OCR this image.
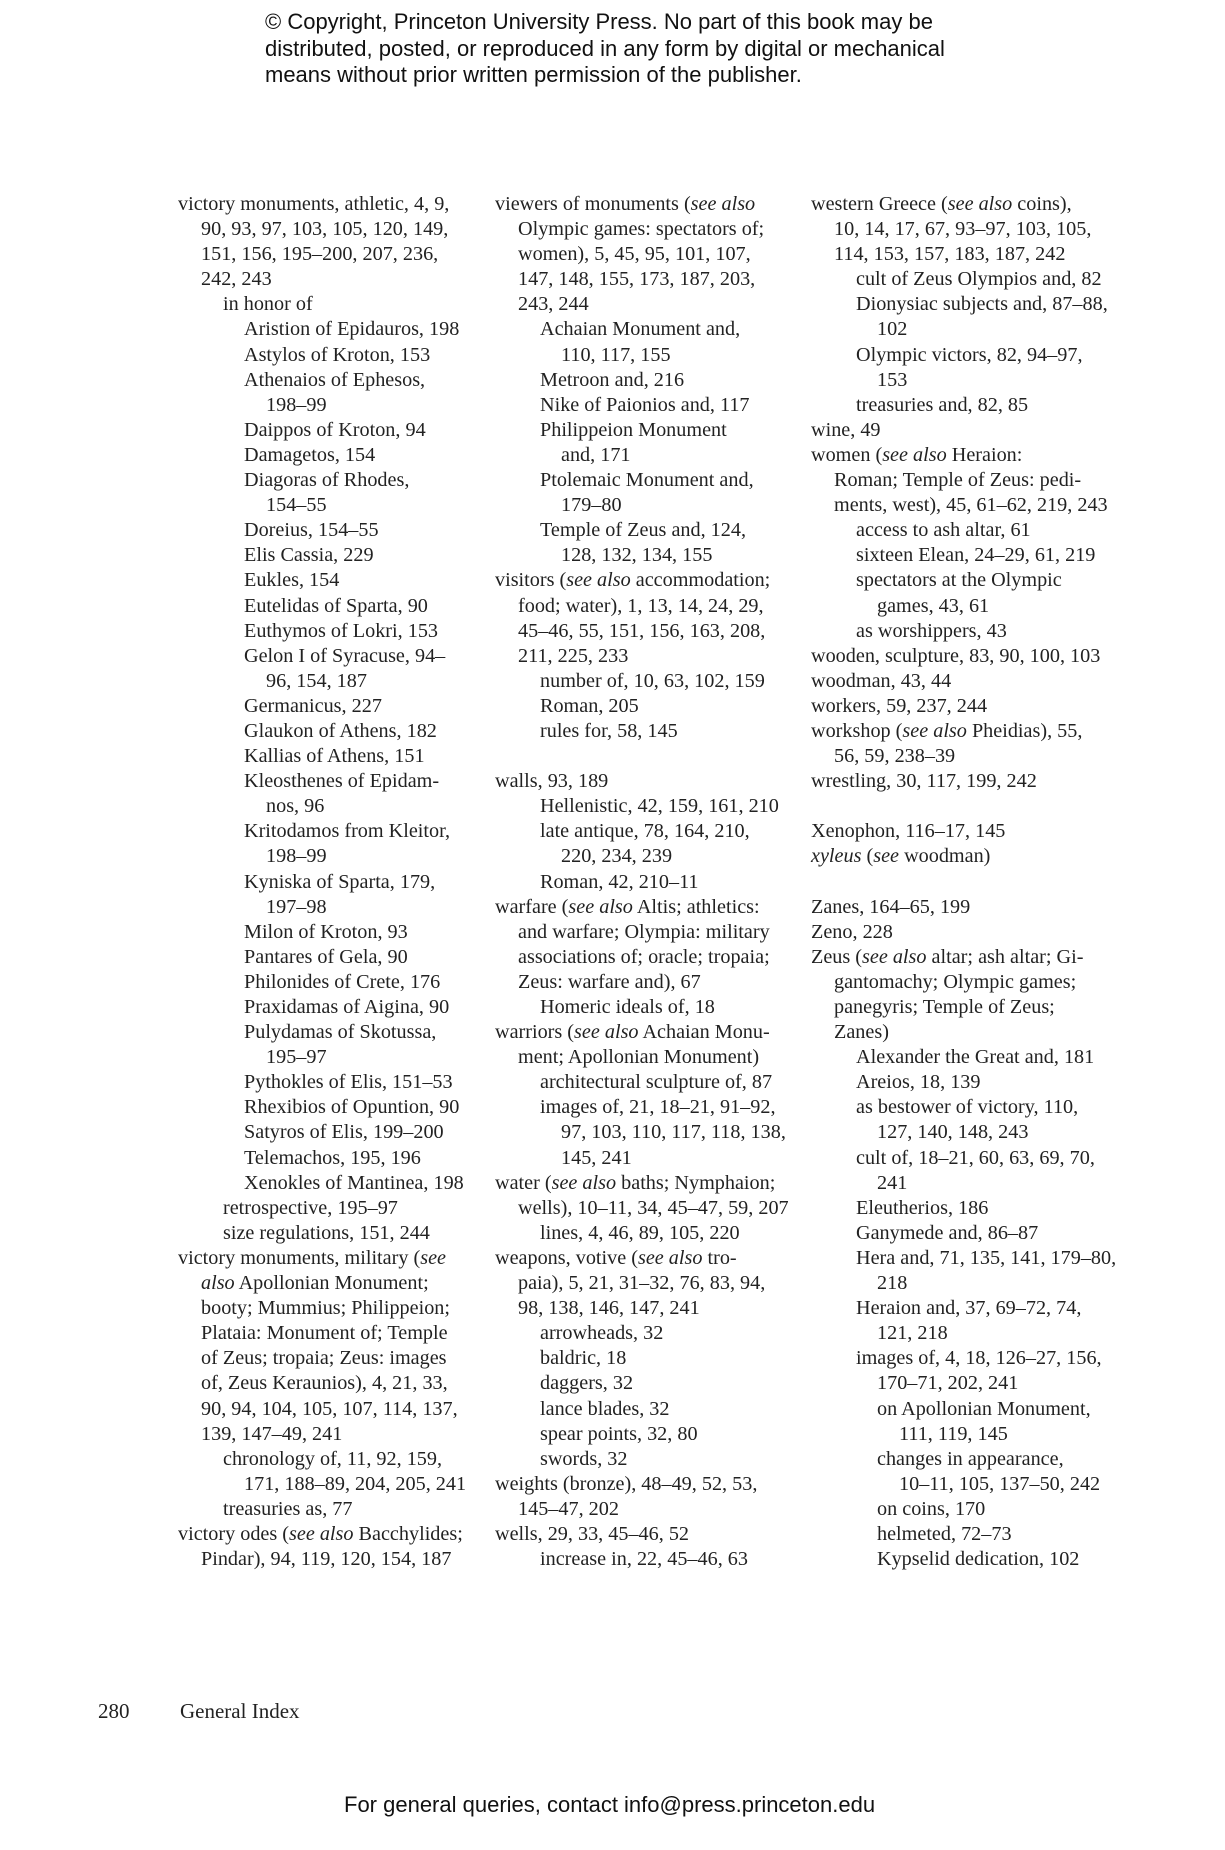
© Copyright, Princeton University Press. No part of this book may be
distributed, posted, or reproduced in any form by digital or mechanical
means without prior written permission of the publisher.
victory monuments, athletic, 4, 9,
90, 93, 97, 103, 105, 120, 149,
151, 156, 195–200, 207, 236,
242, 243
in honor of
Aristion of Epidauros, 198
Astylos of Kroton, 153
Athenaios of Ephesos,
198–99
Daippos of Kroton, 94
Damagetos, 154
Diagoras of Rhodes,
154–55
Doreius, 154–55
Elis Cassia, 229
Eukles, 154
Eutelidas of Sparta, 90
Euthymos of Lokri, 153
Gelon I of Syracuse, 94–
96, 154, 187
Germanicus, 227
Glaukon of Athens, 182
Kallias of Athens, 151
Kleosthenes of Epidam-
nos, 96
Kritodamos from Kleitor,
198–99
Kyniska of Sparta, 179,
197–98
Milon of Kroton, 93
Pantares of Gela, 90
Philonides of Crete, 176
Praxidamas of Aigina, 90
Pulydamas of Skotussa,
195–97
Pythokles of Elis, 151–53
Rhexibios of Opuntion, 90
Satyros of Elis, 199–200
Telemachos, 195, 196
Xenokles of Mantinea, 198
retrospective, 195–97
size regulations, 151, 244
victory monuments, military (see
also Apollonian Monument;
booty; Mummius; Philippeion;
Plataia: Monument of; Temple
of Zeus; tropaia; Zeus: images
of, Zeus Keraunios), 4, 21, 33,
90, 94, 104, 105, 107, 114, 137,
139, 147–49, 241
chronology of, 11, 92, 159,
171, 188–89, 204, 205, 241
treasuries as, 77
victory odes (see also Bacchylides;
Pindar), 94, 119, 120, 154, 187
viewers of monuments (see also
Olympic games: spectators of;
women), 5, 45, 95, 101, 107,
147, 148, 155, 173, 187, 203,
243, 244
Achaian Monument and,
110, 117, 155
Metroon and, 216
Nike of Paionios and, 117
Philippeion Monument
and, 171
Ptolemaic Monument and,
179–80
Temple of Zeus and, 124,
128, 132, 134, 155
visitors (see also accommodation;
food; water), 1, 13, 14, 24, 29,
45–46, 55, 151, 156, 163, 208,
211, 225, 233
number of, 10, 63, 102, 159
Roman, 205
rules for, 58, 145
walls, 93, 189
Hellenistic, 42, 159, 161, 210
late antique, 78, 164, 210,
220, 234, 239
Roman, 42, 210–11
warfare (see also Altis; athletics:
and warfare; Olympia: military
associations of; oracle; tropaia;
Zeus: warfare and), 67
Homeric ideals of, 18
warriors (see also Achaian Monu-
ment; Apollonian Monument)
architectural sculpture of, 87
images of, 21, 18–21, 91–92,
97, 103, 110, 117, 118, 138,
145, 241
water (see also baths; Nymphaion;
wells), 10–11, 34, 45–47, 59, 207
lines, 4, 46, 89, 105, 220
weapons, votive (see also tro-
paia), 5, 21, 31–32, 76, 83, 94,
98, 138, 146, 147, 241
arrowheads, 32
baldric, 18
daggers, 32
lance blades, 32
spear points, 32, 80
swords, 32
weights (bronze), 48–49, 52, 53,
145–47, 202
wells, 29, 33, 45–46, 52
increase in, 22, 45–46, 63
western Greece (see also coins),
10, 14, 17, 67, 93–97, 103, 105,
114, 153, 157, 183, 187, 242
cult of Zeus Olympios and, 82
Dionysiac subjects and, 87–88,
102
Olympic victors, 82, 94–97,
153
treasuries and, 82, 85
wine, 49
women (see also Heraion:
Roman; Temple of Zeus: pedi-
ments, west), 45, 61–62, 219, 243
access to ash altar, 61
sixteen Elean, 24–29, 61, 219
spectators at the Olympic
games, 43, 61
as worshippers, 43
wooden, sculpture, 83, 90, 100, 103
woodman, 43, 44
workers, 59, 237, 244
workshop (see also Pheidias), 55,
56, 59, 238–39
wrestling, 30, 117, 199, 242
Xenophon, 116–17, 145
xyleus (see woodman)
Zanes, 164–65, 199
Zeno, 228
Zeus (see also altar; ash altar; Gi-
gantomachy; Olympic games;
panegyris; Temple of Zeus;
Zanes)
Alexander the Great and, 181
Areios, 18, 139
as bestower of victory, 110,
127, 140, 148, 243
cult of, 18–21, 60, 63, 69, 70,
241
Eleutherios, 186
Ganymede and, 86–87
Hera and, 71, 135, 141, 179–80,
218
Heraion and, 37, 69–72, 74,
121, 218
images of, 4, 18, 126–27, 156,
170–71, 202, 241
on Apollonian Monument,
111, 119, 145
changes in appearance,
10–11, 105, 137–50, 242
on coins, 170
helmeted, 72–73
Kypselid dedication, 102
280 General Index
For general queries, contact info@press.princeton.edu
